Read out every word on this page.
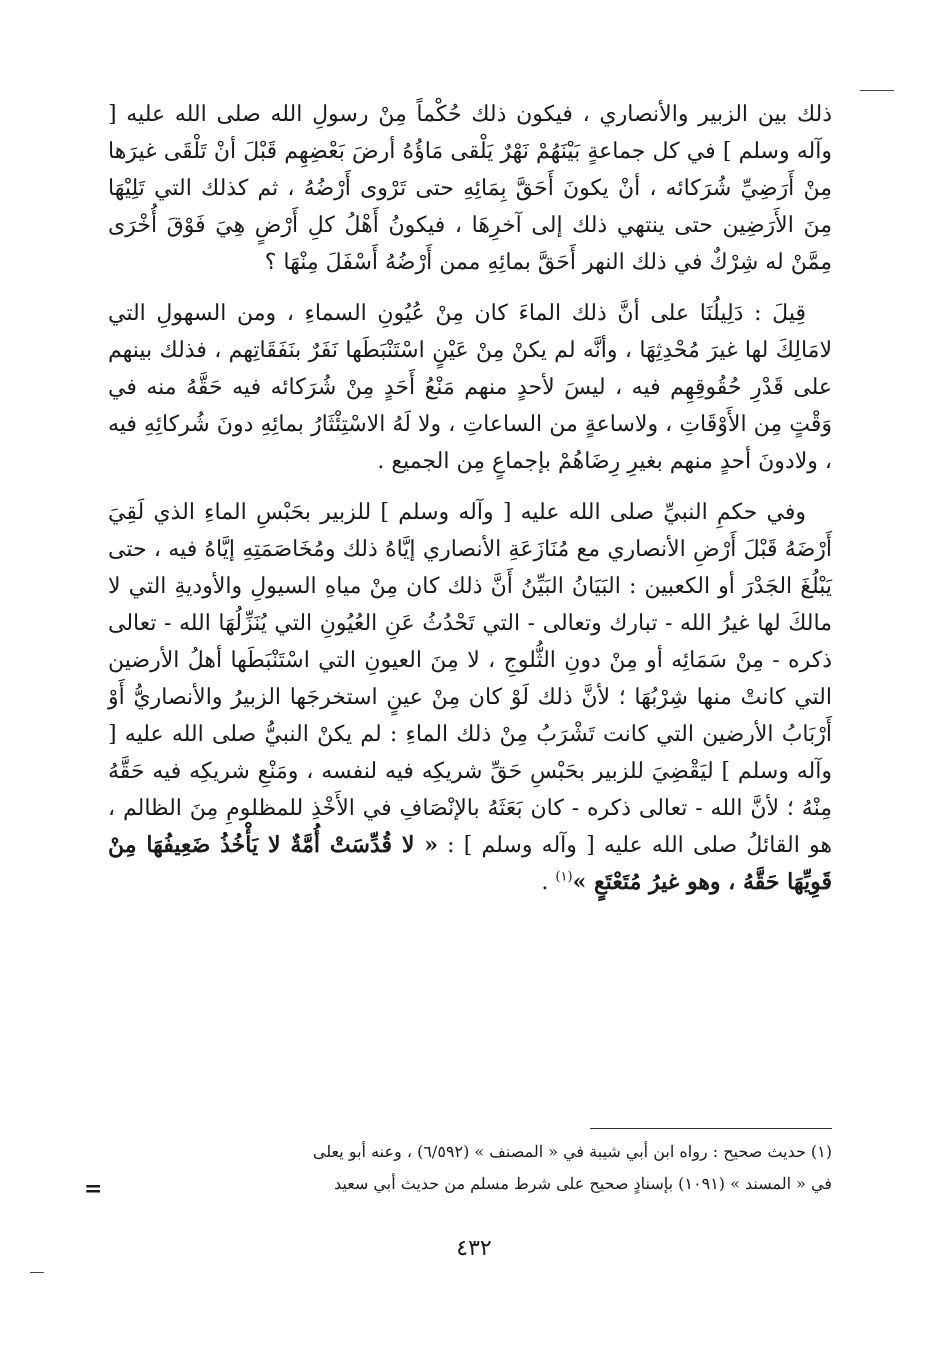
ذلك بين الزبير والأنصاري ، فيكون ذلك حُكْماً مِنْ رسولِ الله صلى الله عليه [ وآله وسلم ] في كل جماعةٍ بَيْنَهُمْ نَهْرٌ يَلْقى مَاؤُهُ أرضَ بَعْضِهِم قَبْلَ أنْ تَلْقَى غيرَها مِنْ أَرَضِيِّ شُرَكائه ، أنْ يكونَ أَحَقَّ بِمَائِهِ حتى تَرْوى أَرْضُهُ ، ثم كذلك التي تَلِيْهَا مِنَ الأَرَضِين حتى ينتهي ذلك إلى آخرِهَا ، فيكونُ أَهْلُ كلِ أَرْضٍ هِيَ فَوْقَ أُخْرَى مِمَّنْ له شِرْكٌ في ذلك النهر أَحَقَّ بمائِهِ ممن أَرْضُهُ أَسْفَلَ مِنْهَا ؟

قِيلَ : دَلِيلُنَا على أنَّ ذلك الماءَ كان مِنْ عُيُونِ السماءِ ، ومن السهولِ التي لامَالِكَ لها غيرَ مُحْدِثِهَا ، وأنَّه لم يكنْ مِنْ عَيْنٍ اسْتَنْبَطَها نَفَرٌ بنَفَقَاتِهم ، فذلك بينهم على قَدْرِ حُقُوقِهِم فيه ، ليسَ لأحدٍ منهم مَنْعُ أَحَدٍ مِنْ شُرَكائه فيه حَقَّهُ منه في وَقْتٍ مِن الأَوْقَاتِ ، ولاساعةٍ من الساعاتِ ، ولا لَهُ الاسْتِئْثَارُ بمائِهِ دونَ شُركائِهِ فيه ، ولادونَ أحدٍ منهم بغيرِ رِضَاهُمْ بإجماعٍ مِن الجميع .

وفي حكمِ النبيِّ صلى الله عليه [ وآله وسلم ] للزبير بحَبْسِ الماءِ الذي لَقِيَ أَرْضَهُ قَبْلَ أَرْضِ الأنصاري مع مُنَازَعَةِ الأنصاري إيَّاهُ ذلك ومُخَاصَمَتِهِ إيَّاهُ فيه ، حتى يَبْلُغَ الجَدْرَ أو الكعبين : البَيَانُ البَيِّنُ أَنَّ ذلك كان مِنْ مياهِ السيولِ والأوديةِ التي لا مالكَ لها غيرُ الله - تبارك وتعالى - التي تَحْدُثُ عَنِ العُيُونِ التي يُنَزِّلُهَا الله - تعالى ذكره - مِنْ سَمَائِه أو مِنْ دونِ الثُّلوجِ ، لا مِنَ العيونِ التي اسْتَنْبَطَها أهلُ الأرضين التي كانتْ منها شِرْبُهَا ؛ لأنَّ ذلك لَوْ كان مِنْ عينٍ استخرجَها الزبيرُ والأنصاريُّ أَوْ أَرْبَابُ الأرضين التي كانت تَشْرَبُ مِنْ ذلك الماءِ : لم يكنْ النبيُّ صلى الله عليه [ وآله وسلم ] ليَقْضِيَ للزبير بحَبْسِ حَقِّ شريكِه فيه لنفسه ، ومَنْعِ شريكِه فيه حَقَّهُ مِنْهُ ؛ لأنَّ الله - تعالى ذكره - كان بَعَثَهُ بالإنْصَافِ في الأَخْذِ للمظلومِ مِنَ الظالم ، هو القائلُ صلى الله عليه [ وآله وسلم ] : « لا قُدِّسَتْ أُمَّةٌ لا يَأْخُذُ ضَعِيفُهَا مِنْ قَوِيِّهَا حَقَّهُ ، وهو غيرُ مُتَعْتَعٍ »$^{(١)}$ .

(١) حديث صحيح : رواه ابن أبي شيبة في « المصنف » (٦/٥٩٢) ، وعنه أبو يعلى

في « المسند » (١٠٩١) بإسنادٍ صحيح على شرط مسلم من حديث أبي سعيد

=
٤٣٢
